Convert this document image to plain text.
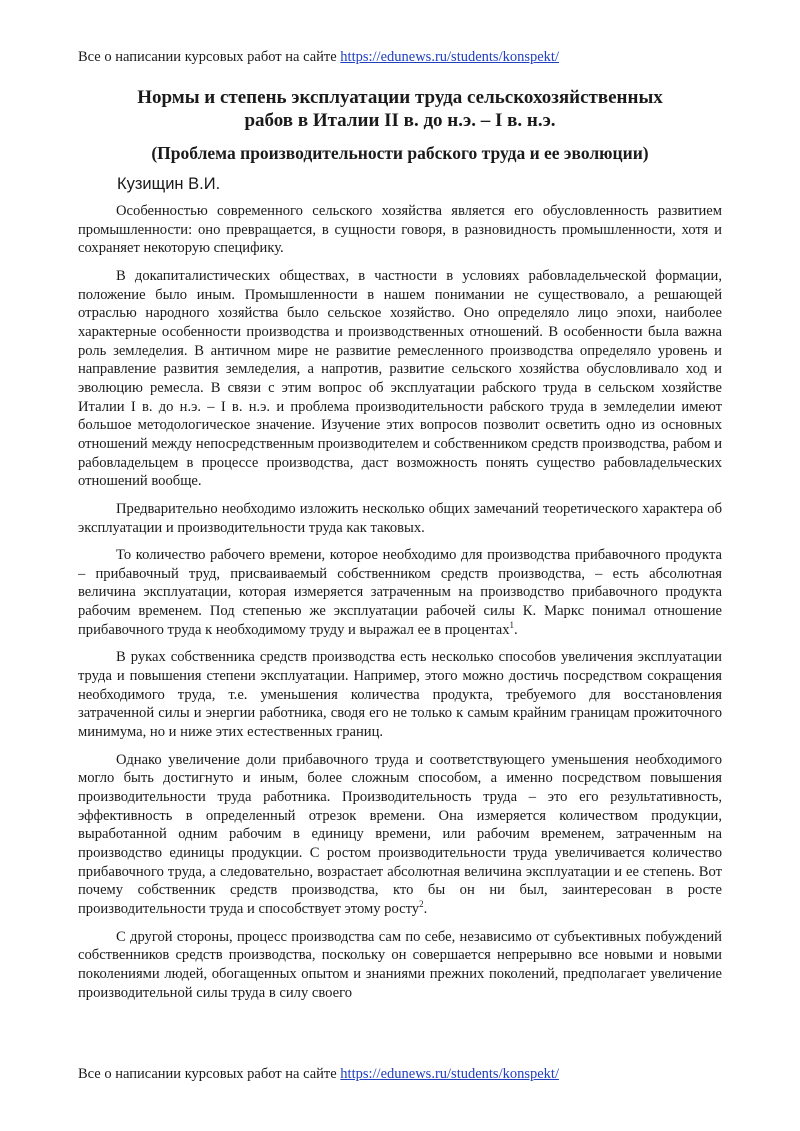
Все о написании курсовых работ на сайте https://edunews.ru/students/konspekt/
Нормы и степень эксплуатации труда сельскохозяйственных
рабов в Италии II в. до н.э. – I в. н.э.
(Проблема производительности рабского труда и ее эволюции)
Кузищин В.И.

Особенностью современного сельского хозяйства является его обусловленность развитием промышленности: оно превращается, в сущности говоря, в разновидность промышленности, хотя и сохраняет некоторую специфику.

В докапиталистических обществах, в частности в условиях рабовладельческой формации, положение было иным. Промышленности в нашем понимании не существовало, а решающей отраслью народного хозяйства было сельское хозяйство. Оно определяло лицо эпохи, наиболее характерные особенности производства и производственных отношений. В особенности была важна роль земледелия. В античном мире не развитие ремесленного производства определяло уровень и направление развития земледелия, а напротив, развитие сельского хозяйства обусловливало ход и эволюцию ремесла. В связи с этим вопрос об эксплуатации рабского труда в сельском хозяйстве Италии I в. до н.э. – I в. н.э. и проблема производительности рабского труда в земледелии имеют большое методологическое значение. Изучение этих вопросов позволит осветить одно из основных отношений между непосредственным производителем и собственником средств производства, рабом и рабовладельцем в процессе производства, даст возможность понять существо рабовладельческих отношений вообще.

Предварительно необходимо изложить несколько общих замечаний теоретического характера об эксплуатации и производительности труда как таковых.

То количество рабочего времени, которое необходимо для производства прибавочного продукта – прибавочный труд, присваиваемый собственником средств производства, – есть абсолютная величина эксплуатации, которая измеряется затраченным на производство прибавочного продукта рабочим временем. Под степенью же эксплуатации рабочей силы К. Маркс понимал отношение прибавочного труда к необходимому труду и выражал ее в процентах$^1$.

В руках собственника средств производства есть несколько способов увеличения эксплуатации труда и повышения степени эксплуатации. Например, этого можно достичь посредством сокращения необходимого труда, т.е. уменьшения количества продукта, требуемого для восстановления затраченной силы и энергии работника, сводя его не только к самым крайним границам прожиточного минимума, но и ниже этих естественных границ.

Однако увеличение доли прибавочного труда и соответствующего уменьшения необходимого могло быть достигнуто и иным, более сложным способом, а именно посредством повышения производительности труда работника. Производительность труда – это его результативность, эффективность в определенный отрезок времени. Она измеряется количеством продукции, выработанной одним рабочим в единицу времени, или рабочим временем, затраченным на производство единицы продукции. С ростом производительности труда увеличивается количество прибавочного труда, а следовательно, возрастает абсолютная величина эксплуатации и ее степень. Вот почему собственник средств производства, кто бы он ни был, заинтересован в росте производительности труда и способствует этому росту$^2$.

С другой стороны, процесс производства сам по себе, независимо от субъективных побуждений собственников средств производства, поскольку он совершается непрерывно все новыми и новыми поколениями людей, обогащенных опытом и знаниями прежних поколений, предполагает увеличение производительной силы труда в силу своего

Все о написании курсовых работ на сайте https://edunews.ru/students/konspekt/
